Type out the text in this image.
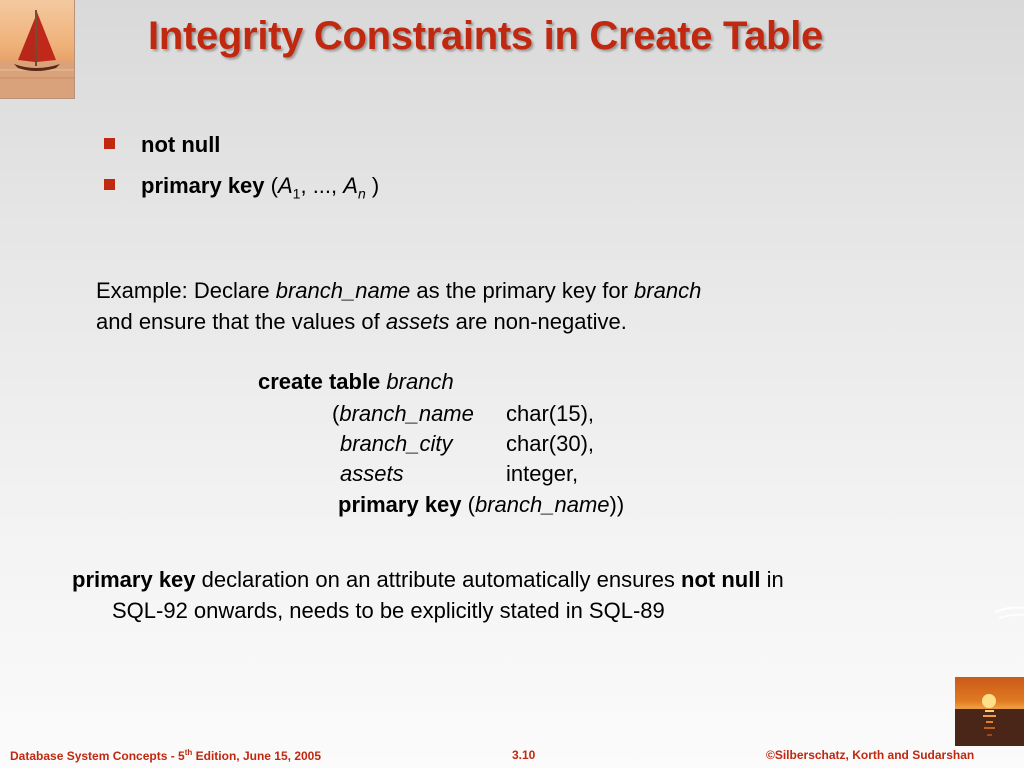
Integrity Constraints in Create Table
not null
primary key ($A_1$, ..., $A_n$ )
Example: Declare branch_name as the primary key for branch
and ensure that the values of assets are non-negative.
create table branch
(branch_name char(15),
branch_city char(30),
assets	integer,
primary key (branch_name))
primary key declaration on an attribute automatically ensures not null in
SQL-92 onwards, needs to be explicitly stated in SQL-89
Database System Concepts - 5th Edition, June 15, 2005	3.10	©Silberschatz, Korth and Sudarshan
